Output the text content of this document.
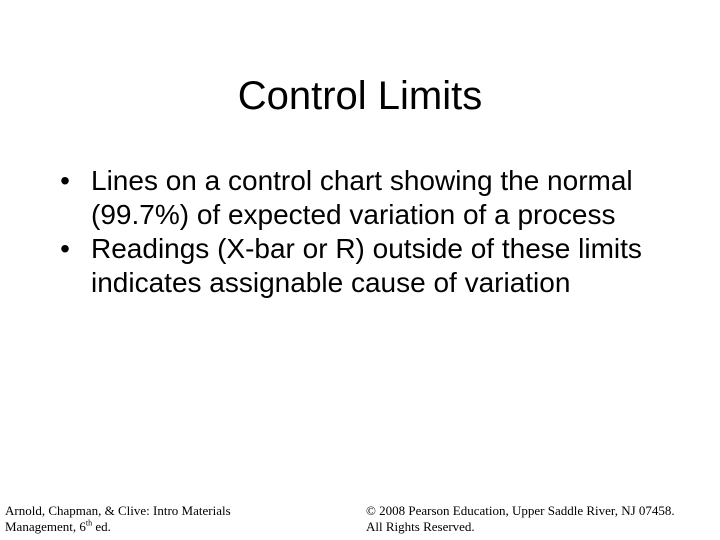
Control Limits
• Lines on a control chart showing the normal (99.7%) of expected variation of a process
• Readings (X-bar or R) outside of these limits indicates assignable cause of variation
Arnold, Chapman, & Clive: Intro Materials
Management, 6th ed.
© 2008 Pearson Education, Upper Saddle River, NJ 07458.
All Rights Reserved.
